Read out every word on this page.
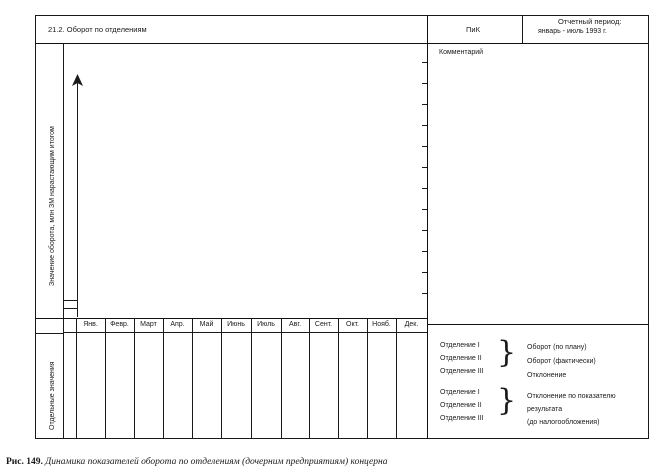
21.2. Оборот по отделениям	ПиК
Отчетный период:
январь - июль 1993 г.
Комментарий
Значение оборота, млн ЗМ нарастающим итогом
Отдельные значения
Янв.	Февр.	Март	Апр.	Май	Июнь	Июль	Авг.	Сент.	Окт.	Нояб.	Дек.
Отделение I
Отделение II
Отделение III
} Оборот (по плану)
Оборот (фактически)
Отклонение
Отделение I
Отделение II
Отделение III
} Отклонение по показателю
результата
(до налогообложения)
Рис. 149. Динамика показателей оборота по отделениям (дочерним предприятиям) концерна
